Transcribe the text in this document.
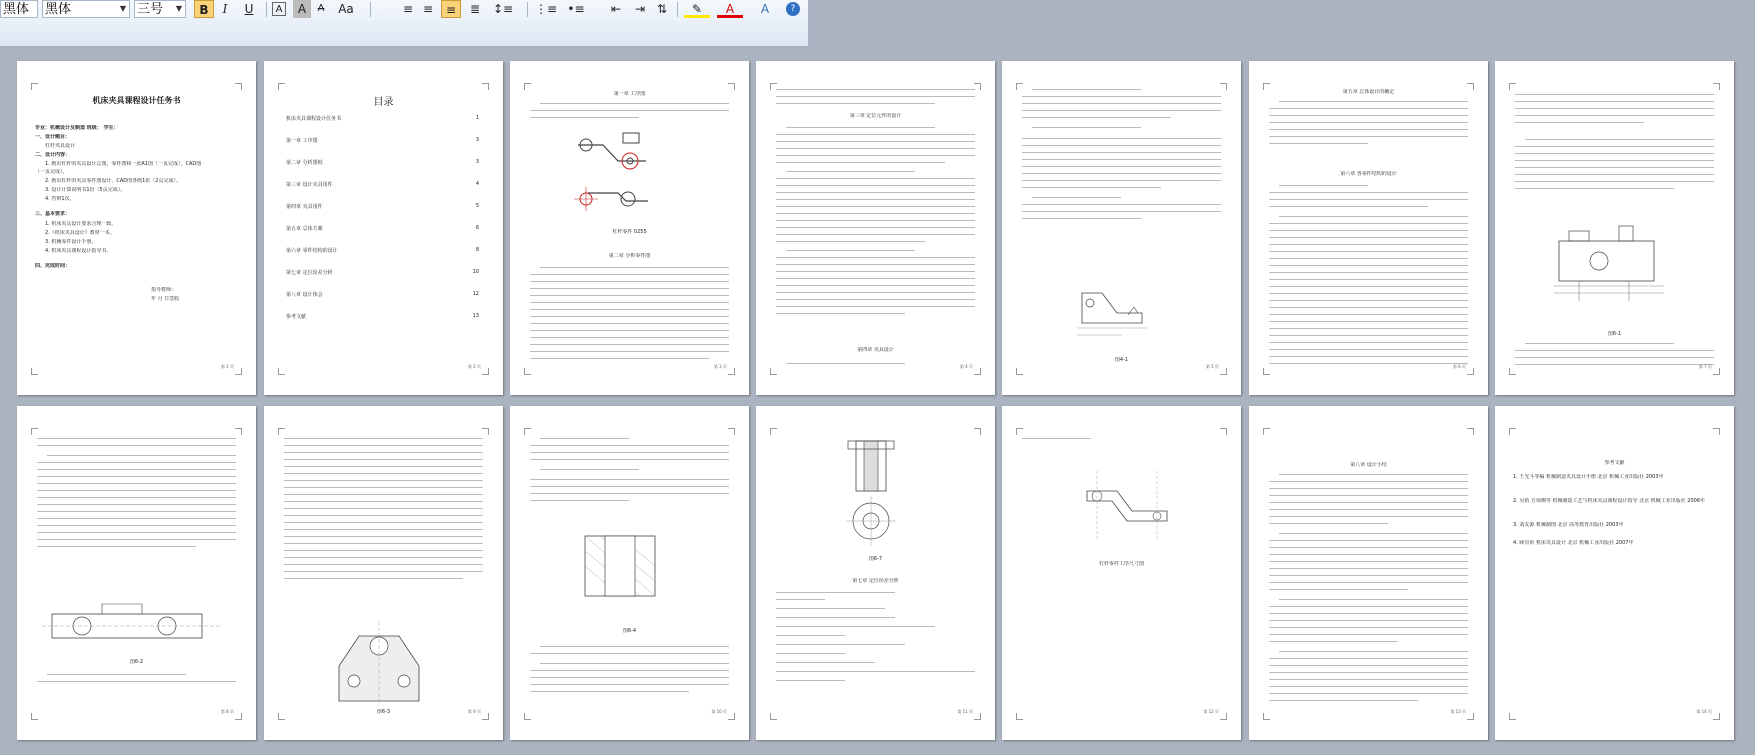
黑体	黑体	▼ 三号	▼	B	I	U	A	A	A	Aa	≡ ≡	≡	≣	↕≡ ⋮≡ •≡	⇤	⇥ ⇅	✎	A	A	?
机床夹具课程设计任务书
专业：机械设计及制造 班级： 学生：
一、设计题目：
杠杆夹具设计
二、设计内容：
1. 画出杠杆的夹具设计总图，零件图和一张A1图（一页完成），CAD图
（一页完成）。
2. 画出杠杆的夹具零件图设计，CAD图各画1张（2页完成）。
3. 设计计算说明书1份（5页完成）。
4. 答辩1次。
三、基本要求：
1. 机床夹具设计要求合理一致。
2.《机床夹具设计》教材一本。
3. 机械零件设计手册。
4. 机床夹具课程设计指导书。
四、完成时间：
指导教师：
年 月 日签收
第 1 页
目录
机床夹具课程设计任务书	1
第一章 工序图	3
第二章 分析图纸	3
第三章 设计夹具用件	4
第四章 夹具用件	5
第五章 总体方案	6
第六章 零件结构的设计	8
第七章 定位误差分析	10
第八章 设计体会	12
参考文献	13
第 2 页
第一章 工序图
杠杆零件 0255
第二章 分析零件图
第 3 页
第三章 定位元件的设计
第四章 夹具设计
第 4 页
图4-1
第 5 页
第五章 总体设计的确定
第六章 各零件结构的设计
第 6 页
图6-1
第 7 页
图6-2
第 8 页	图6-3	第 9 页
图6-4
第 10 页
图6-7
第七章 定位误差分析
第 11 页
杠杆零件工序尺寸图
第 12 页
第八章 设计小结
第 13 页
参考文献
1. 王光斗等编 机械制造夹具设计手册 北京 机械工业出版社 2003年
2. 吴拓 方琼珊等 机械制造工艺与机床夹具课程设计指导 北京 机械工业出版社 2006年
3. 刘友源 机械制图 北京 高等教育出版社 2003年
4. 顾崇衔 机床夹具设计 北京 机械工业出版社 2007年
第 14 页
